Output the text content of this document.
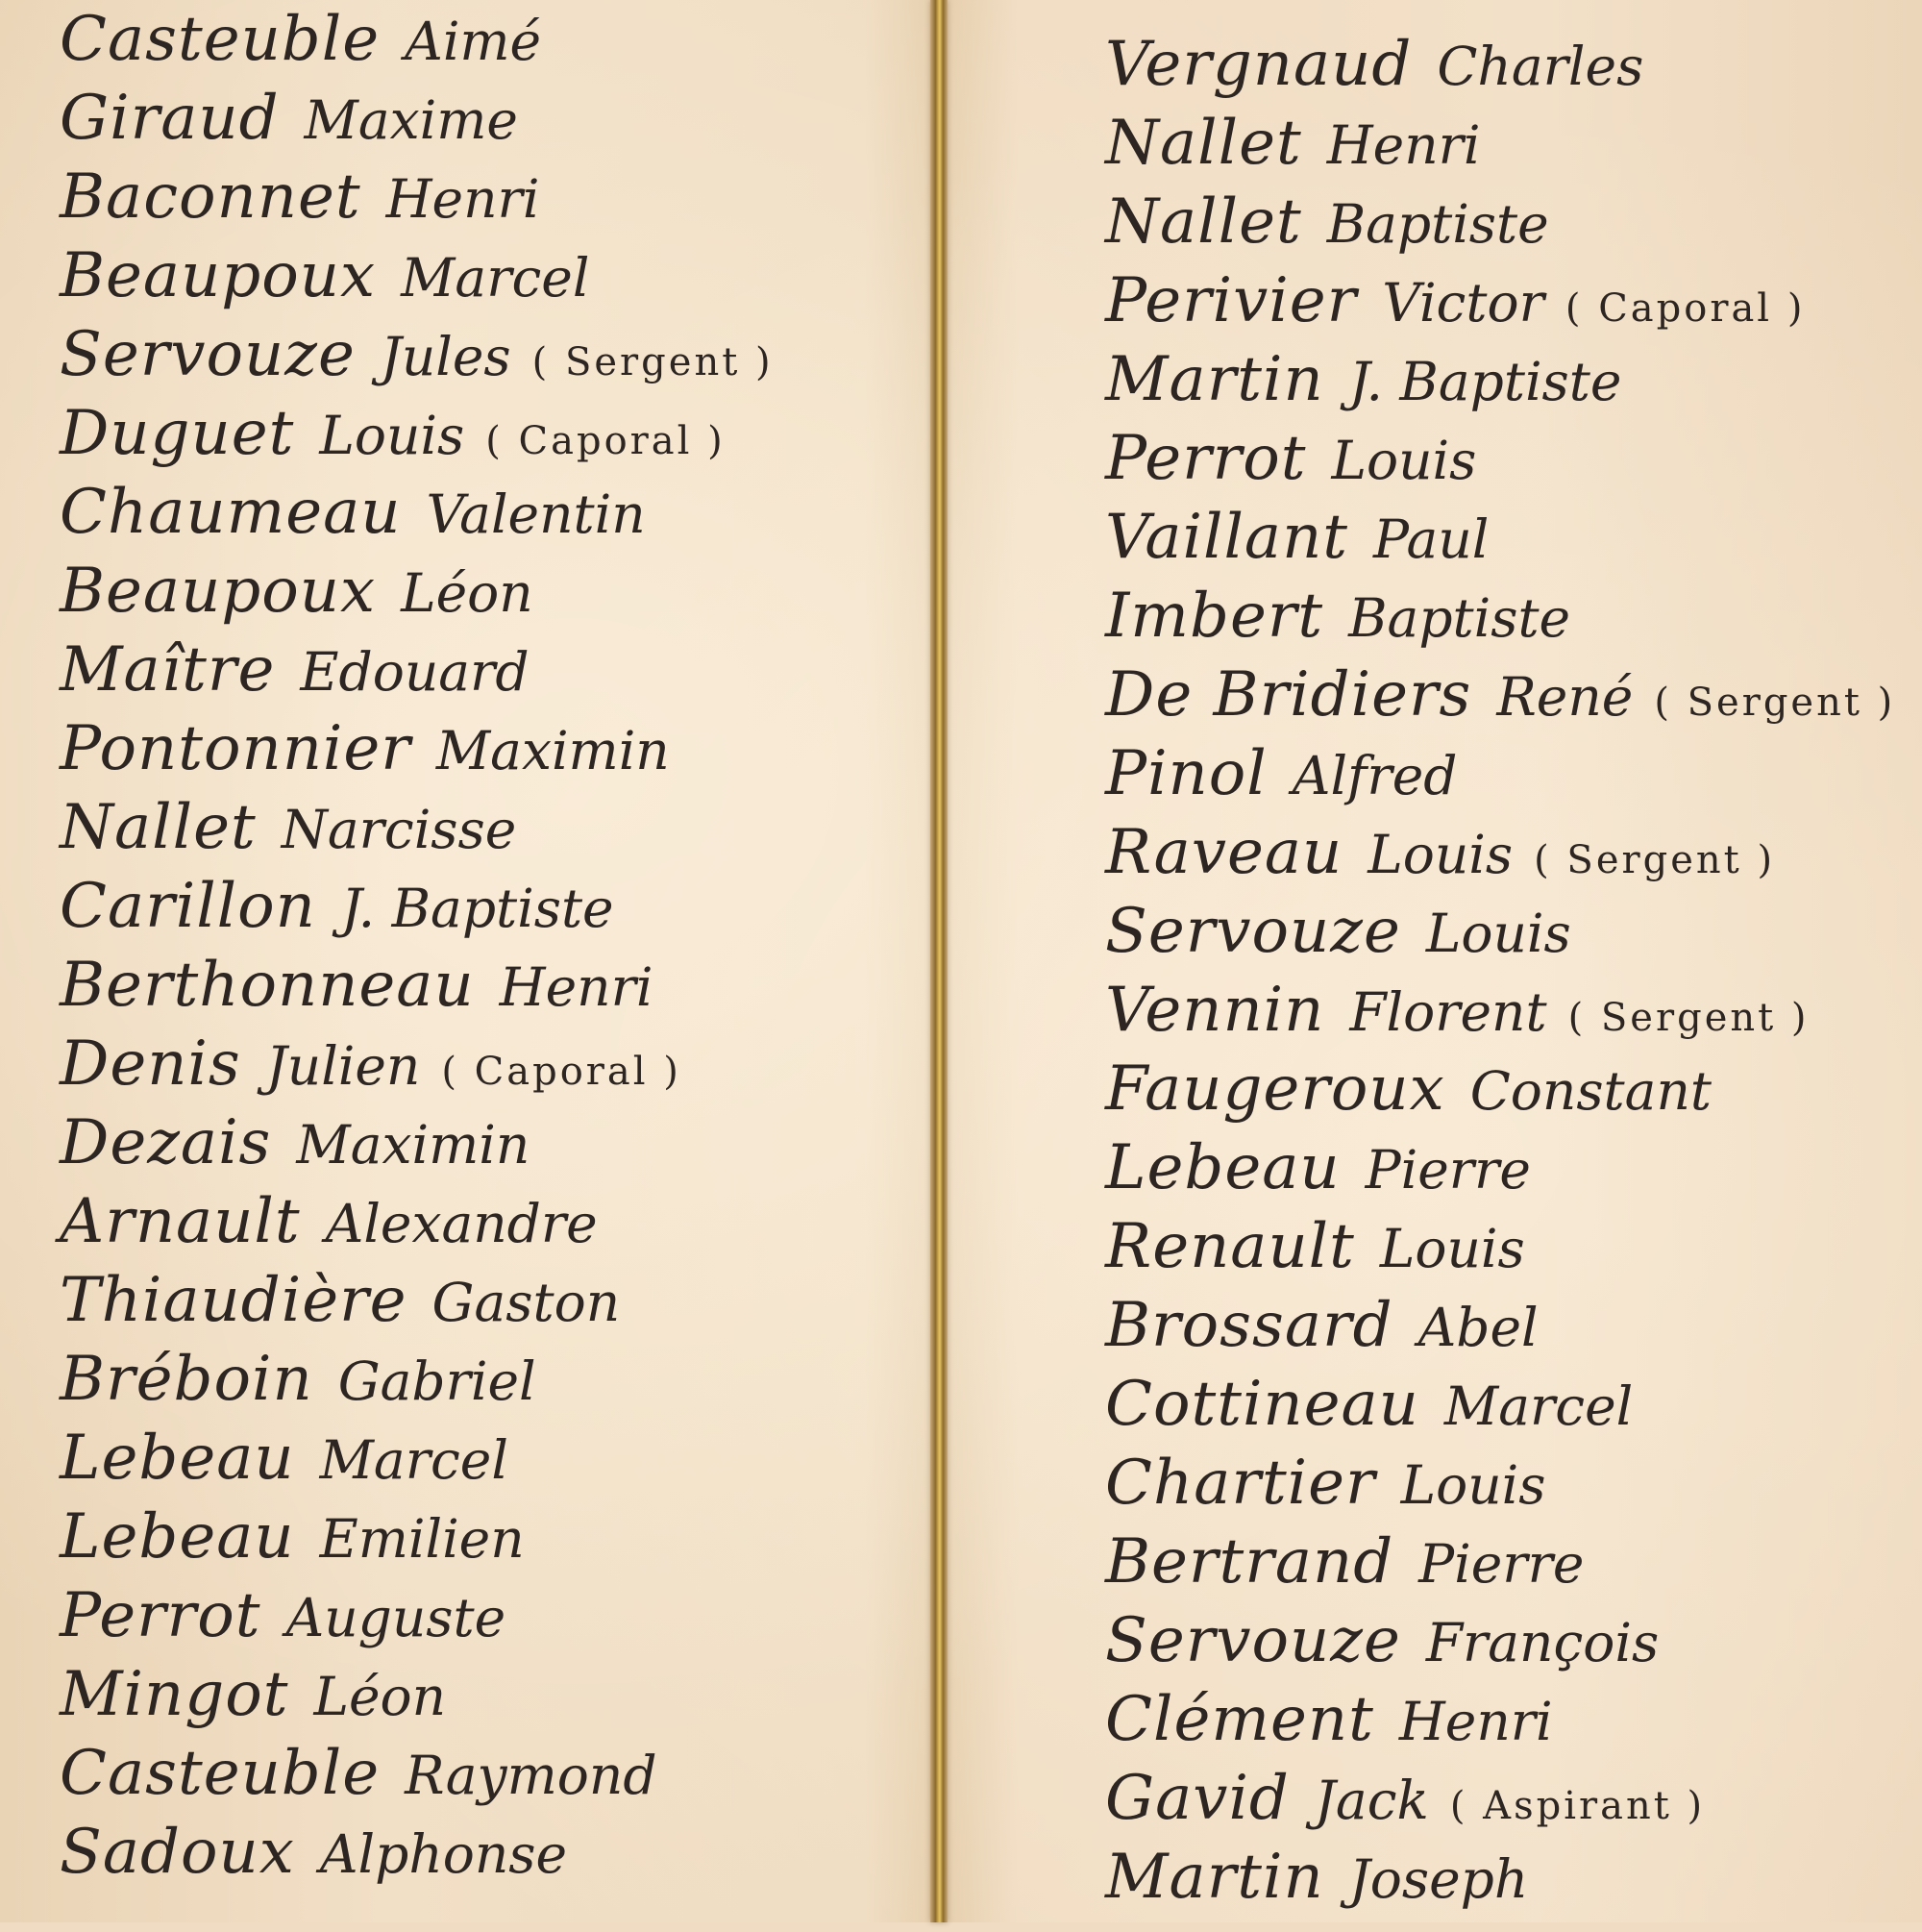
Casteuble Aimé
Giraud Maxime
Baconnet Henri
Beaupoux Marcel
Servouze Jules ( Sergent )
Duguet Louis ( Caporal )
Chaumeau Valentin
Beaupoux Léon
Maître Edouard
Pontonnier Maximin
Nallet Narcisse
Carillon J. Baptiste
Berthonneau Henri
Denis Julien ( Caporal )
Dezais Maximin
Arnault Alexandre
Thiaudière Gaston
Bréboin Gabriel
Lebeau Marcel
Lebeau Emilien
Perrot Auguste
Mingot Léon
Casteuble Raymond
Sadoux Alphonse
Vergnaud Charles
Nallet Henri
Nallet Baptiste
Perivier Victor ( Caporal )
Martin J. Baptiste
Perrot Louis
Vaillant Paul
Imbert Baptiste
De Bridiers René ( Sergent )
Pinol Alfred
Raveau Louis ( Sergent )
Servouze Louis
Vennin Florent ( Sergent )
Faugeroux Constant
Lebeau Pierre
Renault Louis
Brossard Abel
Cottineau Marcel
Chartier Louis
Bertrand Pierre
Servouze François
Clément Henri
Gavid Jack ( Aspirant )
Martin Joseph
